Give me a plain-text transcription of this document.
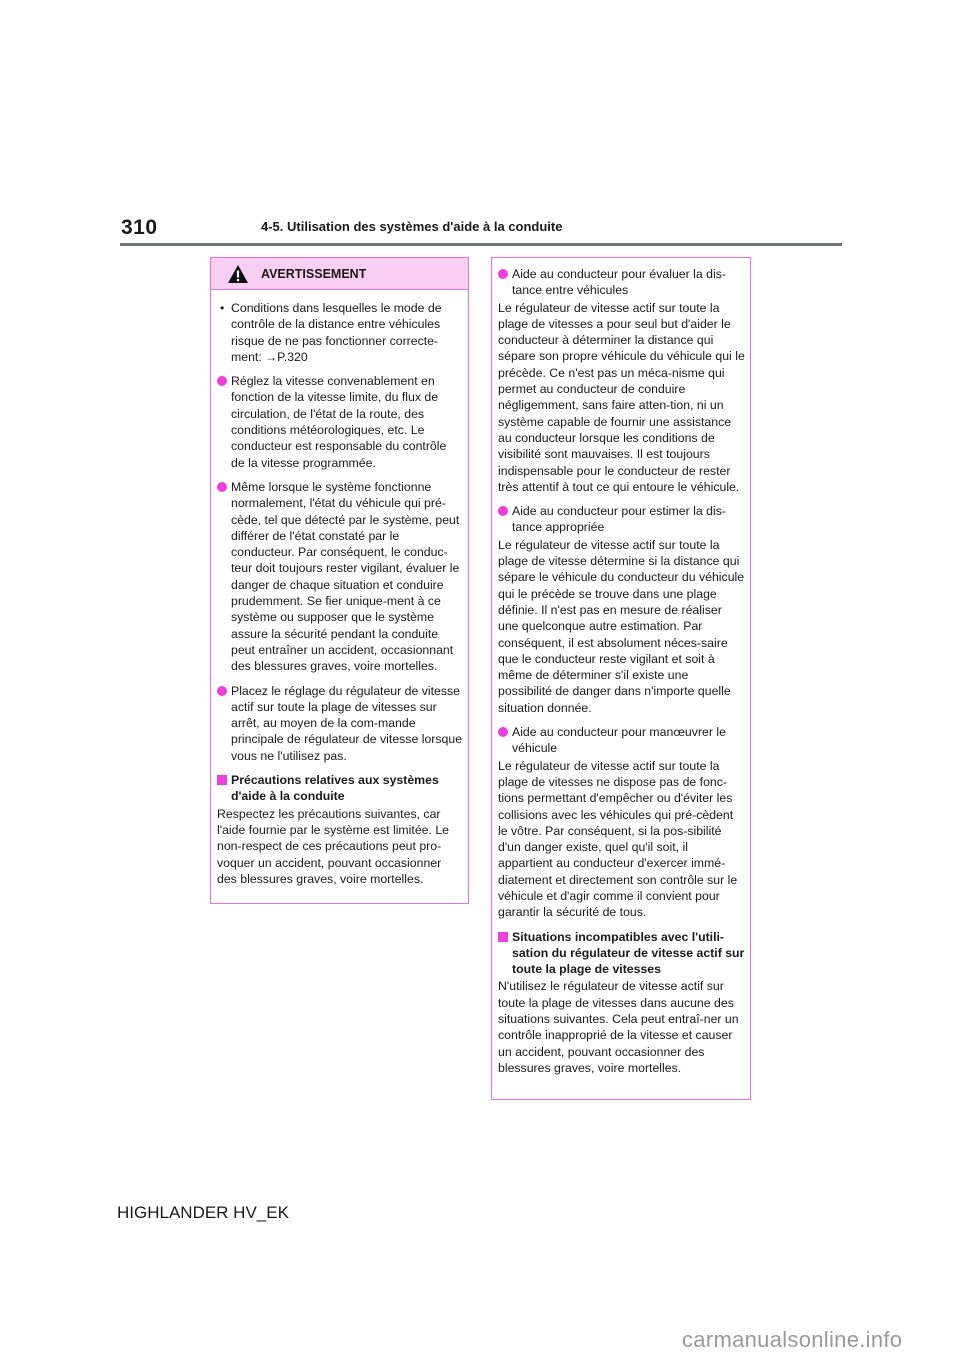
310	4-5. Utilisation des systèmes d'aide à la conduite
AVERTISSEMENT

• Conditions dans lesquelles le mode de contrôle de la distance entre véhicules risque de ne pas fonctionner correcte-ment: →P.320

Réglez la vitesse convenablement en fonction de la vitesse limite, du flux de circulation, de l'état de la route, des conditions météorologiques, etc. Le conducteur est responsable du contrôle de la vitesse programmée.

Même lorsque le système fonctionne normalement, l'état du véhicule qui pré-cède, tel que détecté par le système, peut différer de l'état constaté par le conducteur. Par conséquent, le conduc-teur doit toujours rester vigilant, évaluer le danger de chaque situation et conduire prudemment. Se fier unique-ment à ce système ou supposer que le système assure la sécurité pendant la conduite peut entraîner un accident, occasionnant des blessures graves, voire mortelles.

Placez le réglage du régulateur de vitesse actif sur toute la plage de vitesses sur arrêt, au moyen de la com-mande principale de régulateur de vitesse lorsque vous ne l'utilisez pas.

Précautions relatives aux systèmes d'aide à la conduite

Respectez les précautions suivantes, car l'aide fournie par le système est limitée. Le non-respect de ces précautions peut pro-voquer un accident, pouvant occasionner des blessures graves, voire mortelles.

Aide au conducteur pour évaluer la dis-tance entre véhicules

Le régulateur de vitesse actif sur toute la plage de vitesses a pour seul but d'aider le conducteur à déterminer la distance qui sépare son propre véhicule du véhicule qui le précède. Ce n'est pas un méca-nisme qui permet au conducteur de conduire négligemment, sans faire atten-tion, ni un système capable de fournir une assistance au conducteur lorsque les conditions de visibilité sont mauvaises. Il est toujours indispensable pour le conducteur de rester très attentif à tout ce qui entoure le véhicule.

Aide au conducteur pour estimer la dis-tance appropriée

Le régulateur de vitesse actif sur toute la plage de vitesse détermine si la distance qui sépare le véhicule du conducteur du véhicule qui le précède se trouve dans une plage définie. Il n'est pas en mesure de réaliser une quelconque autre estimation. Par conséquent, il est absolument néces-saire que le conducteur reste vigilant et soit à même de déterminer s'il existe une possibilité de danger dans n'importe quelle situation donnée.

Aide au conducteur pour manœuvrer le véhicule

Le régulateur de vitesse actif sur toute la plage de vitesses ne dispose pas de fonc-tions permettant d'empêcher ou d'éviter les collisions avec les véhicules qui pré-cèdent le vôtre. Par conséquent, si la pos-sibilité d'un danger existe, quel qu'il soit, il appartient au conducteur d'exercer immé-diatement et directement son contrôle sur le véhicule et d'agir comme il convient pour garantir la sécurité de tous.

Situations incompatibles avec l'utili-sation du régulateur de vitesse actif sur toute la plage de vitesses

N'utilisez le régulateur de vitesse actif sur toute la plage de vitesses dans aucune des situations suivantes. Cela peut entraî-ner un contrôle inapproprié de la vitesse et causer un accident, pouvant occasionner des blessures graves, voire mortelles.

HIGHLANDER HV_EK
carmanualsonline.info
